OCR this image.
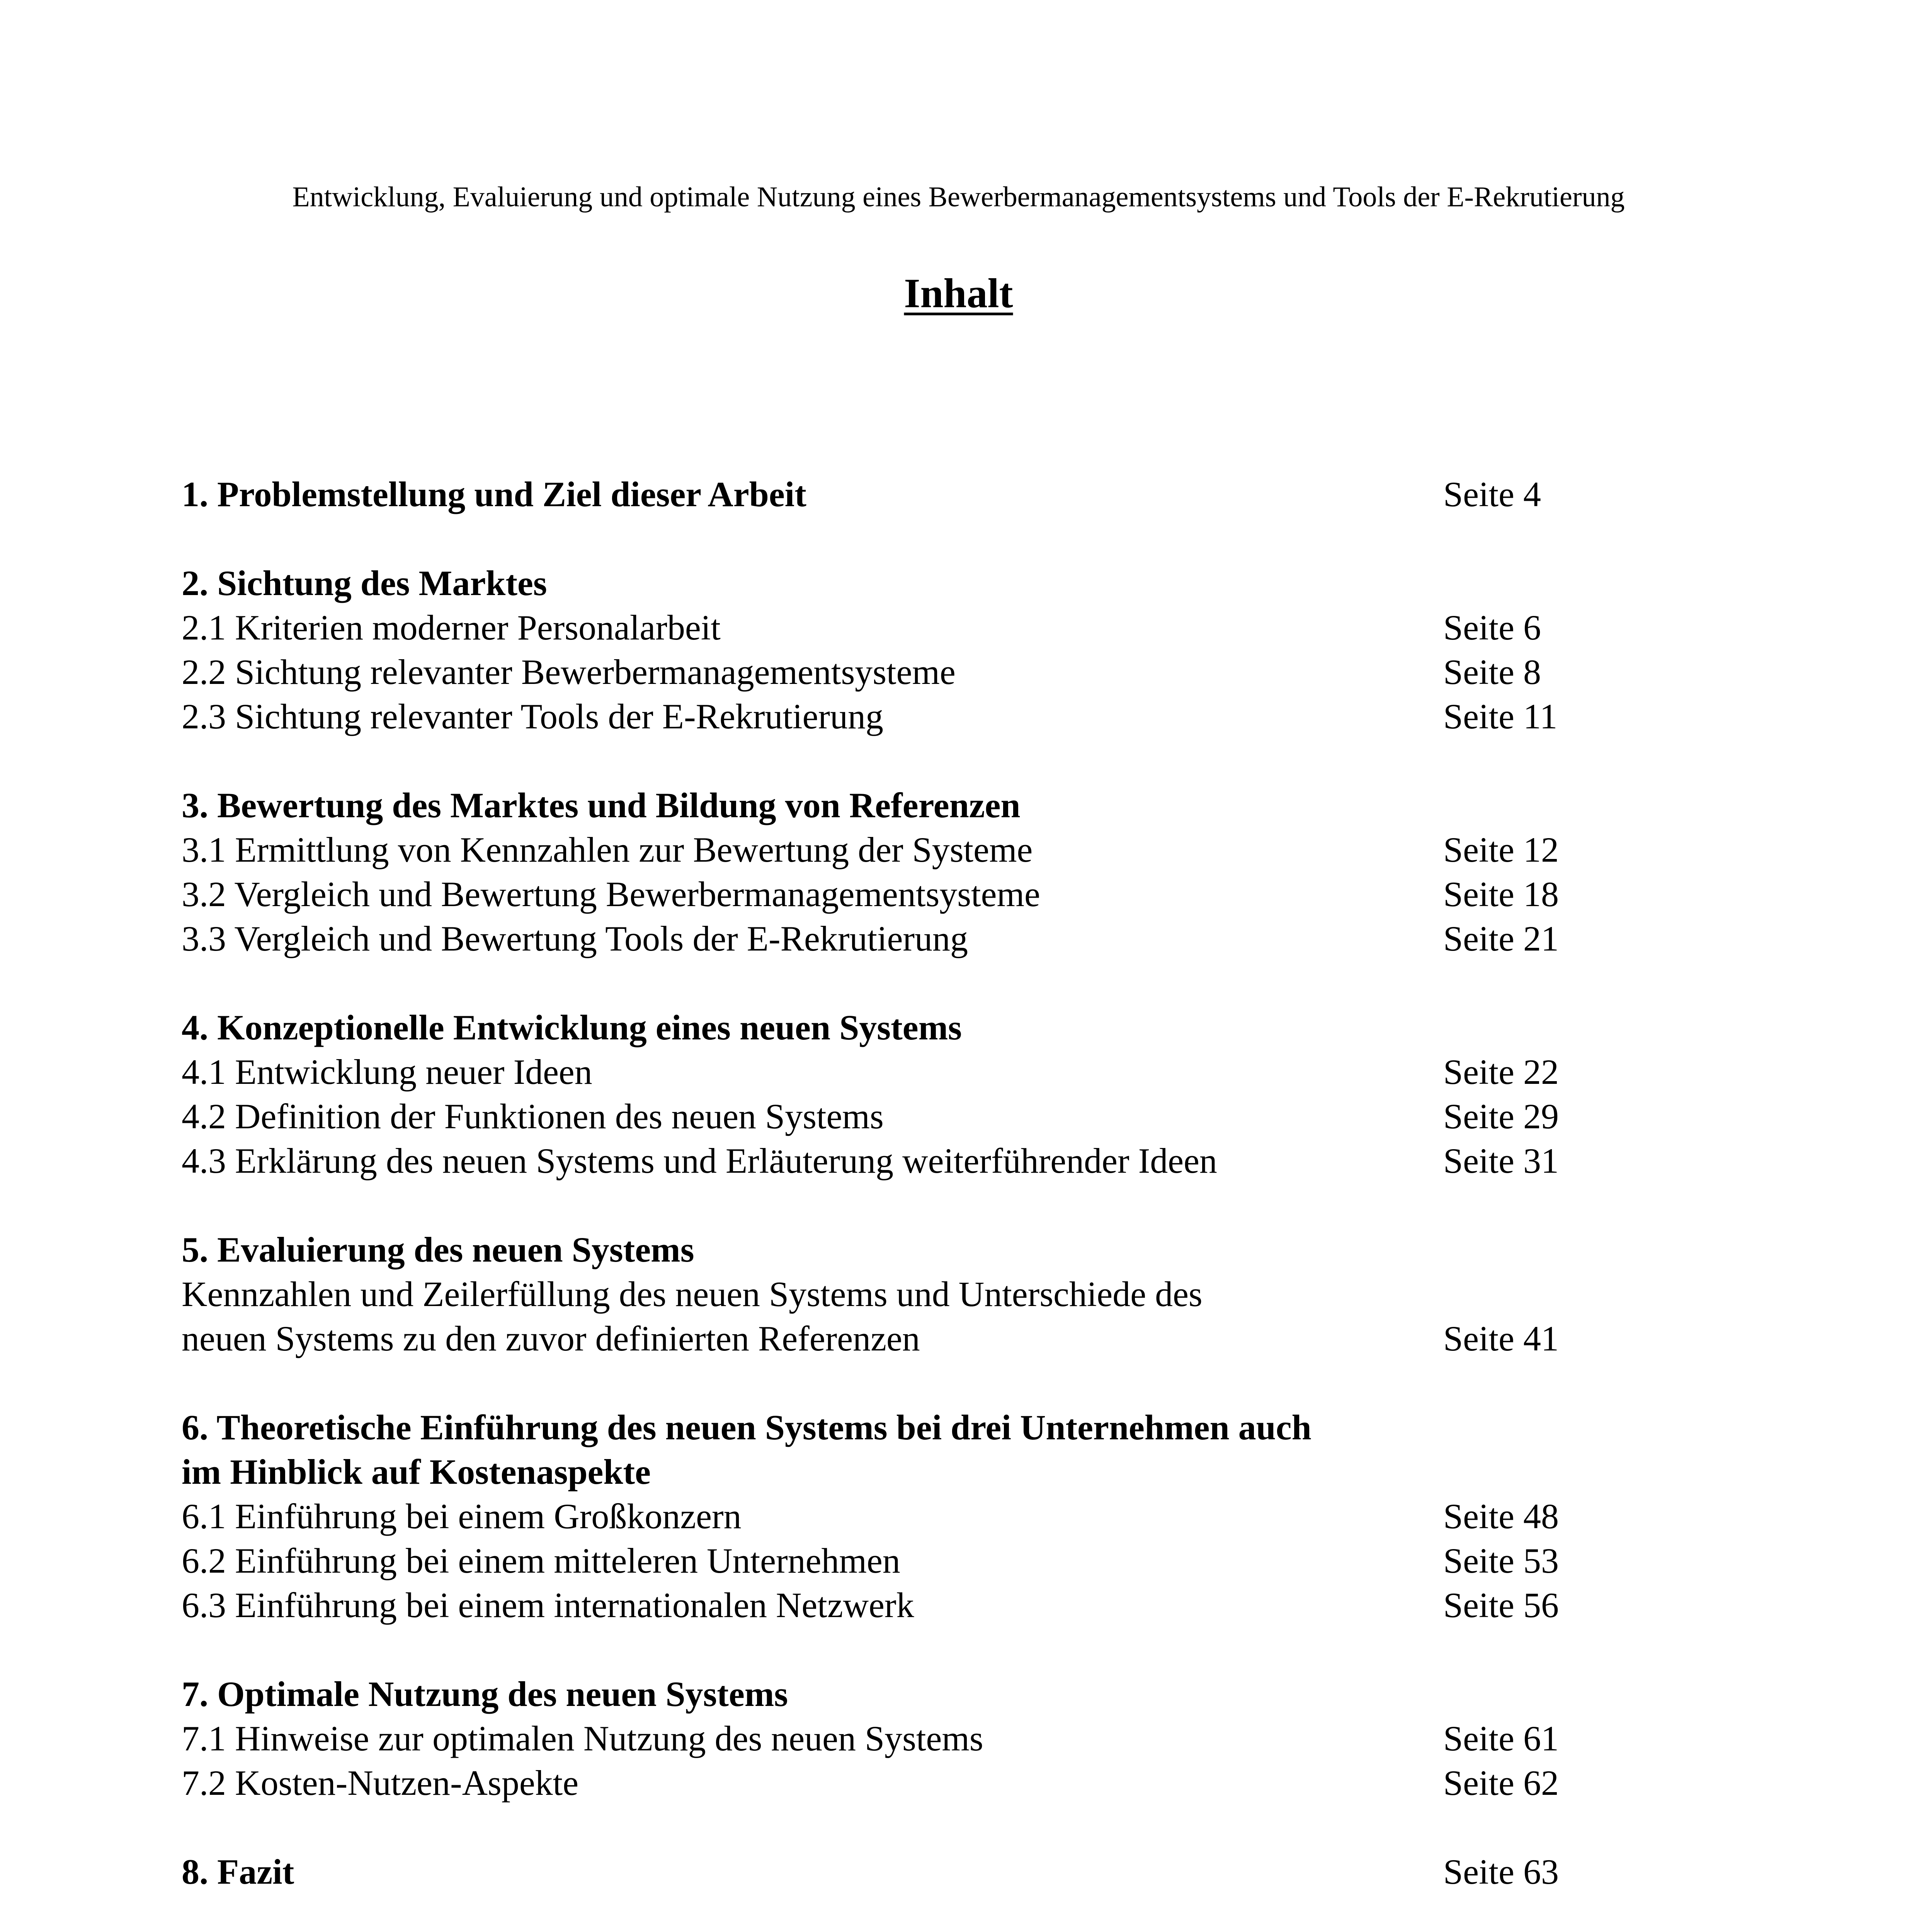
Entwicklung, Evaluierung und optimale Nutzung eines Bewerbermanagementsystems und Tools der E-Rekrutierung
Inhalt
1. Problemstellung und Ziel dieser Arbeit	Seite 4
2. Sichtung des Marktes
2.1 Kriterien moderner Personalarbeit	Seite 6
2.2 Sichtung relevanter Bewerbermanagementsysteme	Seite 8
2.3 Sichtung relevanter Tools der E-Rekrutierung	Seite 11
3. Bewertung des Marktes und Bildung von Referenzen
3.1 Ermittlung von Kennzahlen zur Bewertung der Systeme	Seite 12
3.2 Vergleich und Bewertung Bewerbermanagementsysteme	Seite 18
3.3 Vergleich und Bewertung Tools der E-Rekrutierung	Seite 21
4. Konzeptionelle Entwicklung eines neuen Systems
4.1 Entwicklung neuer Ideen	Seite 22
4.2 Definition der Funktionen des neuen Systems	Seite 29
4.3 Erklärung des neuen Systems und Erläuterung weiterführender Ideen	Seite 31
5. Evaluierung des neuen Systems
Kennzahlen und Zeilerfüllung des neuen Systems und Unterschiede des
neuen Systems zu den zuvor definierten Referenzen	Seite 41
6. Theoretische Einführung des neuen Systems bei drei Unternehmen auch
im Hinblick auf Kostenaspekte
6.1 Einführung bei einem Großkonzern	Seite 48
6.2 Einführung bei einem mitteleren Unternehmen	Seite 53
6.3 Einführung bei einem internationalen Netzwerk	Seite 56
7. Optimale Nutzung des neuen Systems
7.1 Hinweise zur optimalen Nutzung des neuen Systems	Seite 61
7.2 Kosten-Nutzen-Aspekte	Seite 62
8. Fazit	Seite 63
